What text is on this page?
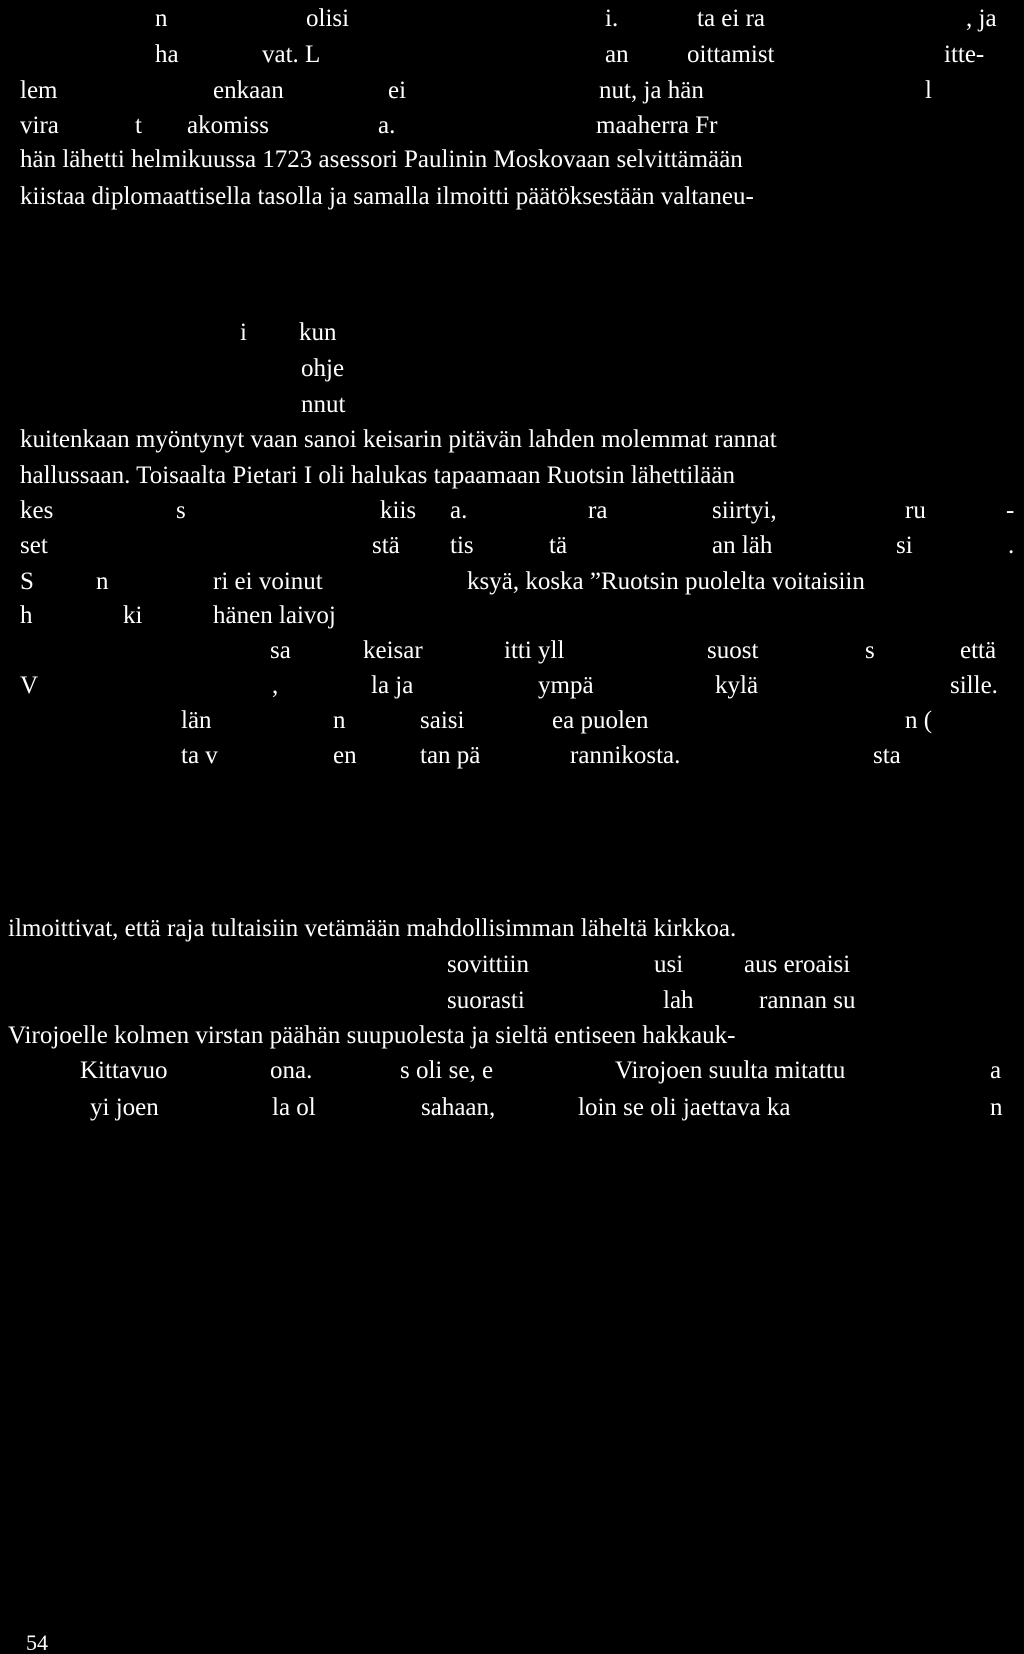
n	olisi	i.	ta ei ra	, ja
ha	vat. L	an oittamist	itte-
lem	enkaan	ei	nut, ja hän	l
vira	t akomiss	a.	maaherra Fr
hän lähetti helmikuussa 1723 asessori Paulinin Moskovaan selvittämään
kiistaa diplomaattisella tasolla ja samalla ilmoitti päätöksestään valtaneu-
i kun
ohje
nnut
kuitenkaan myöntynyt vaan sanoi keisarin pitävän lahden molemmat rannat
hallussaan. Toisaalta Pietari I oli halukas tapaamaan Ruotsin lähettilään
kes	s	kiis a.	ra	siirtyi,	ru	-
set	stä tis	tä	an läh	si	.
S n	ri ei voinut	ksyä, koska ”Ruotsin puolelta voitaisiin
h	ki	hänen laivoj
sa	keisar	itti yll	suost	s	että
V	,	la ja	ympä	kylä	sille.
län	n	saisi	ea puolen	n (
ta v	en	tan pä	rannikosta.	sta
ilmoittivat, että raja tultaisiin vetämään mahdollisimman läheltä kirkkoa.
sovittiin	usi aus eroaisi
suorasti	lah	rannan su
Virojoelle kolmen virstan päähän suupuolesta ja sieltä entiseen hakkauk-
Kittavuo	ona.	s oli se, e	Virojoen suulta mitattu	a
yi joen	la ol	sahaan,	loin se oli jaettava ka	n
54
